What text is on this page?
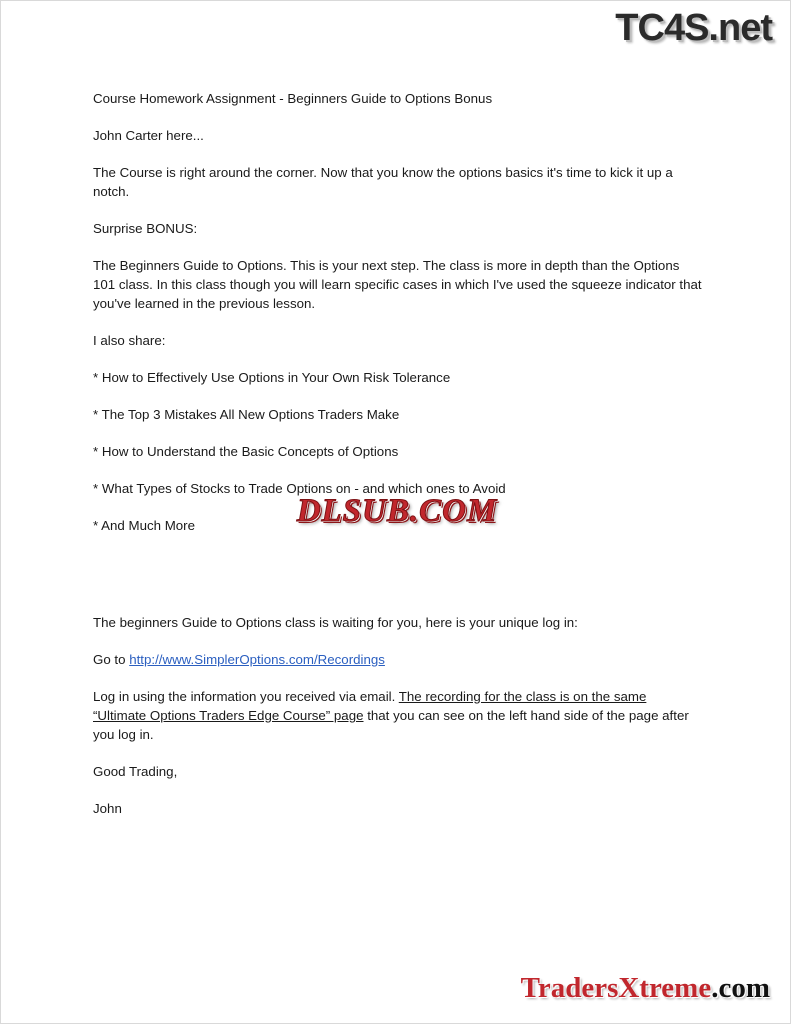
TC4S.net

Course Homework Assignment - Beginners Guide to Options Bonus

John Carter here...

The Course is right around the corner. Now that you know the options basics it's time to kick it up a notch.

Surprise BONUS:

The Beginners Guide to Options. This is your next step. The class is more in depth than the Options 101 class. In this class though you will learn specific cases in which I've used the squeeze indicator that you've learned in the previous lesson.

I also share:

* How to Effectively Use Options in Your Own Risk Tolerance

* The Top 3 Mistakes All New Options Traders Make

* How to Understand the Basic Concepts of Options

* What Types of Stocks to Trade Options on - and which ones to Avoid

* And Much More

The beginners Guide to Options class is waiting for you, here is your unique log in:

Go to http://www.SimplerOptions.com/Recordings

Log in using the information you received via email. The recording for the class is on the same “Ultimate Options Traders Edge Course” page that you can see on the left hand side of the page after you log in.

Good Trading,

John

DLSUB.COM
TradersXtreme.com
